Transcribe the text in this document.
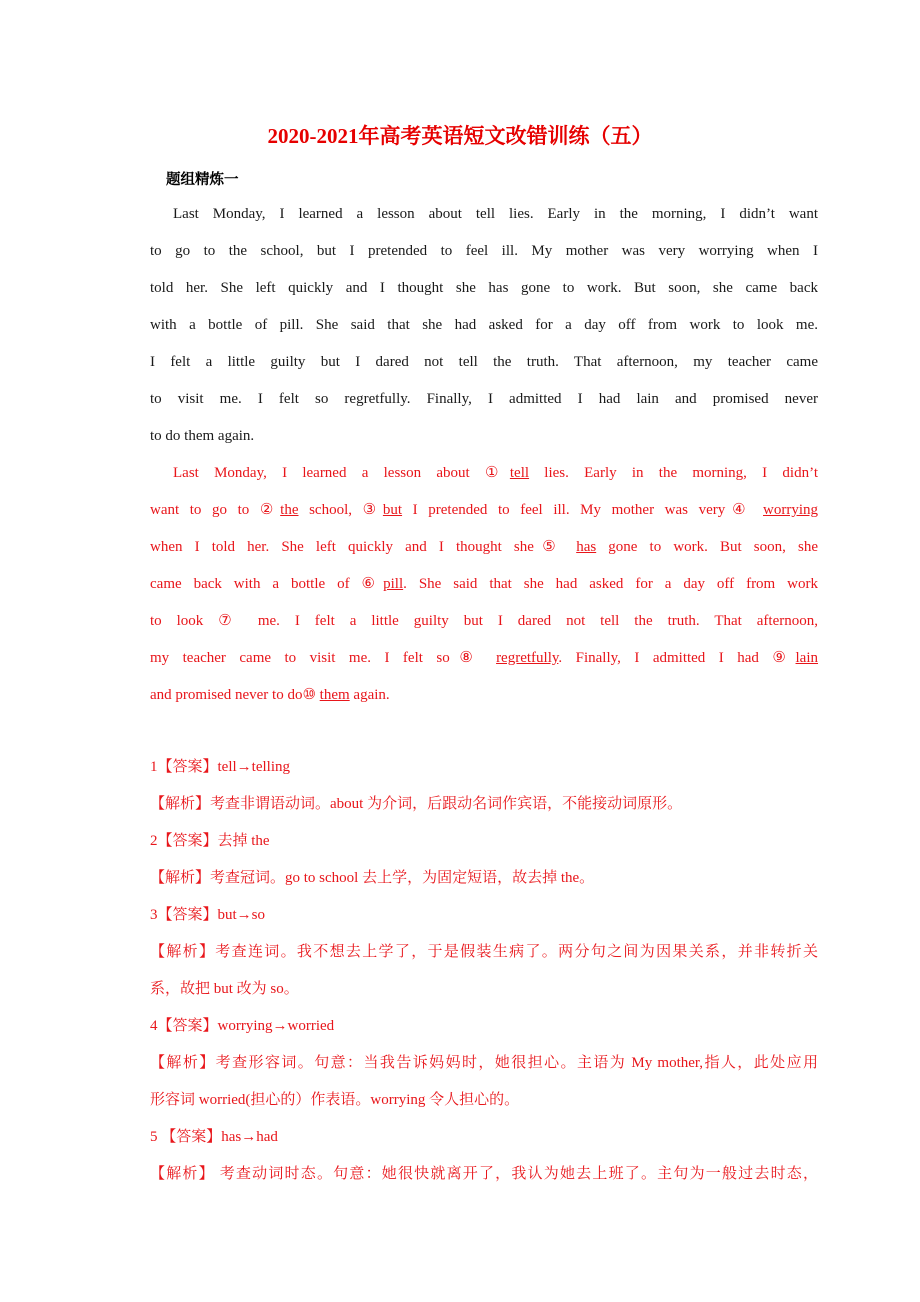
2020-2021年高考英语短文改错训练（五）
题组精炼一
Last Monday, I learned a lesson about tell lies. Early in the morning, I didn’t want
to go to the school, but I pretended to feel ill. My mother was very worrying when I
told her. She left quickly and I thought she has gone to work. But soon, she came back
with a bottle of pill. She said that she had asked for a day off from work to look me.
I felt a little guilty but I dared not tell the truth. That afternoon, my teacher came
to visit me. I felt so regretfully. Finally, I admitted I had lain and promised never
to do them again.
Last Monday, I learned a lesson about ①tell lies. Early in the morning, I didn’t
want to go to ②the school, ③but I pretended to feel ill. My mother was very④ worrying
when I told her. She left quickly and I thought she⑤ has gone to work. But soon, she
came back with a bottle of ⑥pill. She said that she had asked for a day off from work
to look ⑦ me. I felt a little guilty but I dared not tell the truth. That afternoon,
my teacher came to visit me. I felt so⑧ regretfully. Finally, I admitted I had ⑨lain
and promised never to do⑩ them again.
1【答案】tell→telling
【解析】考查非谓语动词。about 为介词，后跟动名词作宾语，不能接动词原形。
2【答案】去掉 the
【解析】考查冠词。go to school 去上学，为固定短语，故去掉 the。
3【答案】but→so
【解析】考查连词。我不想去上学了，于是假装生病了。两分句之间为因果关系，并非转折关
系，故把 but 改为 so。
4【答案】worrying→worried
【解析】考查形容词。句意：当我告诉妈妈时，她很担心。主语为 My mother,指人，此处应用
形容词 worried(担心的）作表语。worrying 令人担心的。
5 【答案】has→had
【解析】 考查动词时态。句意：她很快就离开了，我认为她去上班了。主句为一般过去时态，
